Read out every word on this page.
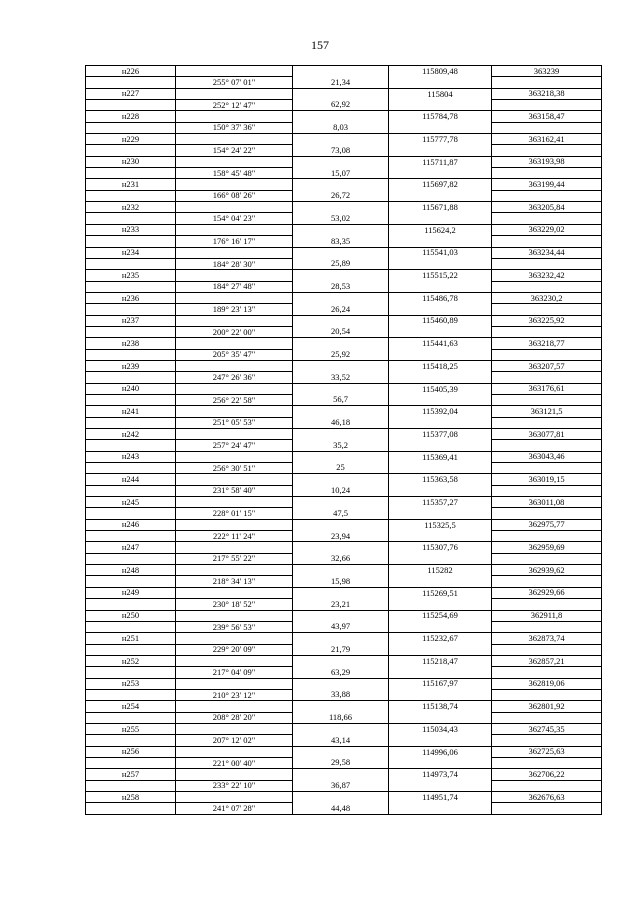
157
н226			115809,48	363239
	255° 07' 01"	21,34		
н227			115804	363218,38
	252° 12' 47"	62,92		
н228			115784,78	363158,47
	150° 37' 36"	8,03		
н229			115777,78	363162,41
	154° 24' 22"	73,08		
н230			115711,87	363193,98
	158° 45' 48"	15,07		
н231			115697,82	363199,44
	166° 08' 26"	26,72		
н232			115671,88	363205,84
	154° 04' 23"	53,02		
н233			115624,2	363229,02
	176° 16' 17"	83,35		
н234			115541,03	363234,44
	184° 28' 30"	25,89		
н235			115515,22	363232,42
	184° 27' 48"	28,53		
н236			115486,78	363230,2
	189° 23' 13"	26,24		
н237			115460,89	363225,92
	200° 22' 00"	20,54		
н238			115441,63	363218,77
	205° 35' 47"	25,92		
н239			115418,25	363207,57
	247° 26' 36"	33,52		
н240			115405,39	363176,61
	256° 22' 58"	56,7		
н241			115392,04	363121,5
	251° 05' 53"	46,18		
н242			115377,08	363077,81
	257° 24' 47"	35,2		
н243			115369,41	363043,46
	256° 30' 51"	25		
н244			115363,58	363019,15
	231° 58' 40"	10,24		
н245			115357,27	363011,08
	228° 01' 15"	47,5		
н246			115325,5	362975,77
	222° 11' 24"	23,94		
н247			115307,76	362959,69
	217° 55' 22"	32,66		
н248			115282	362939,62
	218° 34' 13"	15,98		
н249			115269,51	362929,66
	230° 18' 52"	23,21		
н250			115254,69	362911,8
	239° 56' 53"	43,97		
н251			115232,67	362873,74
	229° 20' 09"	21,79		
н252			115218,47	362857,21
	217° 04' 09"	63,29		
н253			115167,97	362819,06
	210° 23' 12"	33,88		
н254			115138,74	362801,92
	208° 28' 20"	118,66		
н255			115034,43	362745,35
	207° 12' 02"	43,14		
н256			114996,06	362725,63
	221° 00' 40"	29,58		
н257			114973,74	362706,22
	233° 22' 10"	36,87		
н258			114951,74	362676,63
	241° 07' 28"	44,48		
